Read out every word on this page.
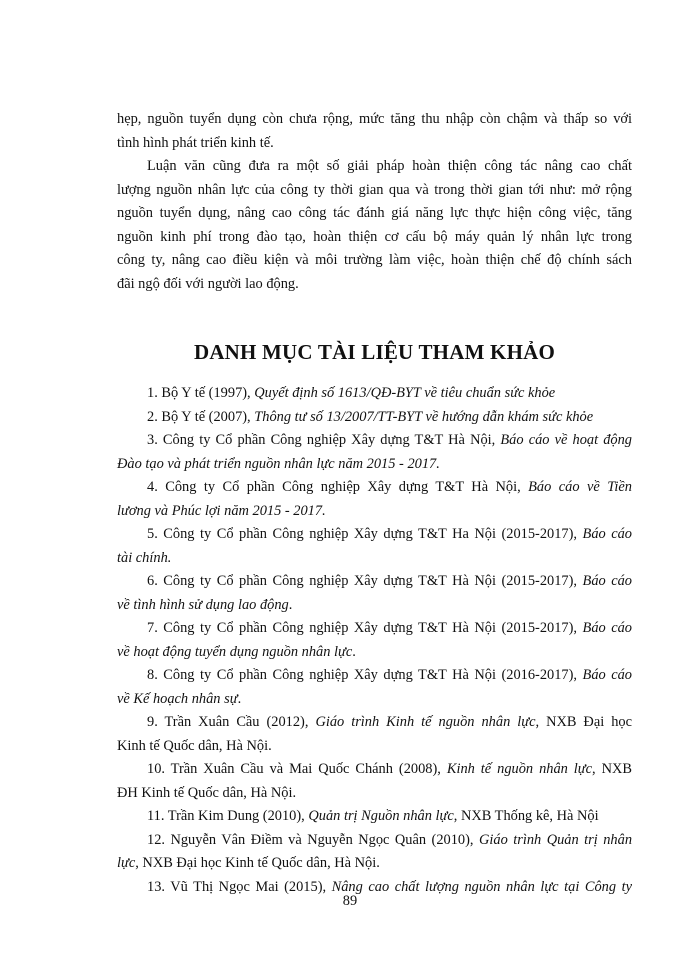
hẹp, nguồn tuyển dụng còn chưa rộng, mức tăng thu nhập còn chậm và thấp so với
tình hình phát triển kinh tế.

Luận văn cũng đưa ra một số giải pháp hoàn thiện công tác nâng cao chất
lượng nguồn nhân lực của công ty thời gian qua và trong thời gian tới như: mở rộng
nguồn tuyển dụng, nâng cao công tác đánh giá năng lực thực hiện công việc, tăng
nguồn kinh phí trong đào tạo, hoàn thiện cơ cấu bộ máy quản lý nhân lực trong
công ty, nâng cao điều kiện và môi trường làm việc, hoàn thiện chế độ chính sách
đãi ngộ đối với người lao động.

DANH MỤC TÀI LIỆU THAM KHẢO

1. Bộ Y tế (1997), Quyết định số 1613/QĐ-BYT về tiêu chuẩn sức khỏe

2. Bộ Y tế (2007), Thông tư số 13/2007/TT-BYT về hướng dẫn khám sức khỏe

3. Công ty Cổ phần Công nghiệp Xây dựng T&T Hà Nội, Báo cáo về hoạt động
Đào tạo và phát triển nguồn nhân lực năm 2015 - 2017.

4. Công ty Cổ phần Công nghiệp Xây dựng T&T Hà Nội, Báo cáo về Tiền
lương và Phúc lợi năm 2015 - 2017.

5. Công ty Cổ phần Công nghiệp Xây dựng T&T Ha Nội (2015-2017), Báo cáo
tài chính.

6. Công ty Cổ phần Công nghiệp Xây dựng T&T Hà Nội (2015-2017), Báo cáo
về tình hình sử dụng lao động.

7. Công ty Cổ phần Công nghiệp Xây dựng T&T Hà Nội (2015-2017), Báo cáo
về hoạt động tuyển dụng nguồn nhân lực.

8. Công ty Cổ phần Công nghiệp Xây dựng T&T Hà Nội (2016-2017), Báo cáo
về Kế hoạch nhân sự.

9. Trần Xuân Cầu (2012), Giáo trình Kinh tế nguồn nhân lực, NXB Đại học
Kinh tế Quốc dân, Hà Nội.

10. Trần Xuân Cầu và Mai Quốc Chánh (2008), Kinh tế nguồn nhân lực, NXB
ĐH Kinh tế Quốc dân, Hà Nội.

11. Trần Kim Dung (2010), Quản trị Nguồn nhân lực, NXB Thống kê, Hà Nội

12. Nguyễn Vân Điềm và Nguyễn Ngọc Quân (2010), Giáo trình Quản trị nhân
lực, NXB Đại học Kinh tế Quốc dân, Hà Nội.

13. Vũ Thị Ngọc Mai (2015), Nâng cao chất lượng nguồn nhân lực tại Công ty

89
